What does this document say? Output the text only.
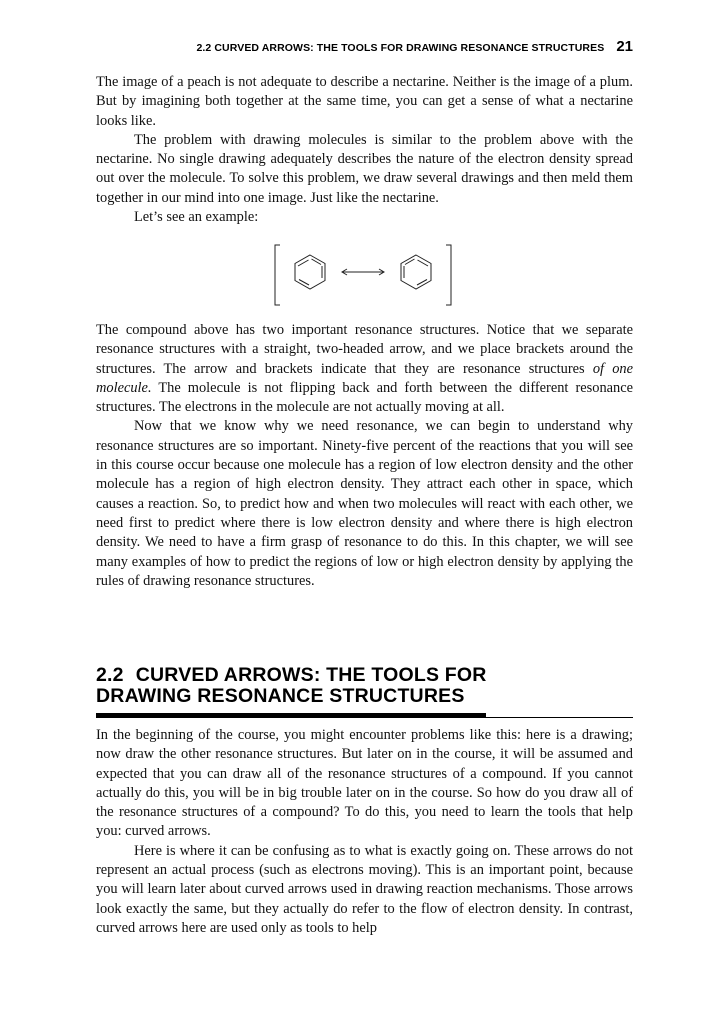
2.2 CURVED ARROWS: THE TOOLS FOR DRAWING RESONANCE STRUCTURES 21

The image of a peach is not adequate to describe a nectarine. Neither is the image of a plum. But by imagining both together at the same time, you can get a sense of what a nectarine looks like.

The problem with drawing molecules is similar to the problem above with the nectarine. No single drawing adequately describes the nature of the electron density spread out over the molecule. To solve this problem, we draw several drawings and then meld them together in our mind into one image. Just like the nectarine.

Let’s see an example:

The compound above has two important resonance structures. Notice that we separate resonance structures with a straight, two-headed arrow, and we place brackets around the structures. The arrow and brackets indicate that they are resonance structures of one molecule. The molecule is not flipping back and forth between the different resonance structures. The electrons in the molecule are not actually moving at all.

Now that we know why we need resonance, we can begin to understand why resonance structures are so important. Ninety-five percent of the reactions that you will see in this course occur because one molecule has a region of low electron density and the other molecule has a region of high electron density. They attract each other in space, which causes a reaction. So, to predict how and when two molecules will react with each other, we need first to predict where there is low electron density and where there is high electron density. We need to have a firm grasp of resonance to do this. In this chapter, we will see many examples of how to predict the regions of low or high electron density by applying the rules of drawing resonance structures.

2.2 CURVED ARROWS: THE TOOLS FOR
DRAWING RESONANCE STRUCTURES

In the beginning of the course, you might encounter problems like this: here is a drawing; now draw the other resonance structures. But later on in the course, it will be assumed and expected that you can draw all of the resonance structures of a compound. If you cannot actually do this, you will be in big trouble later on in the course. So how do you draw all of the resonance structures of a compound? To do this, you need to learn the tools that help you: curved arrows.

Here is where it can be confusing as to what is exactly going on. These arrows do not represent an actual process (such as electrons moving). This is an important point, because you will learn later about curved arrows used in drawing reaction mechanisms. Those arrows look exactly the same, but they actually do refer to the flow of electron density. In contrast, curved arrows here are used only as tools to help
